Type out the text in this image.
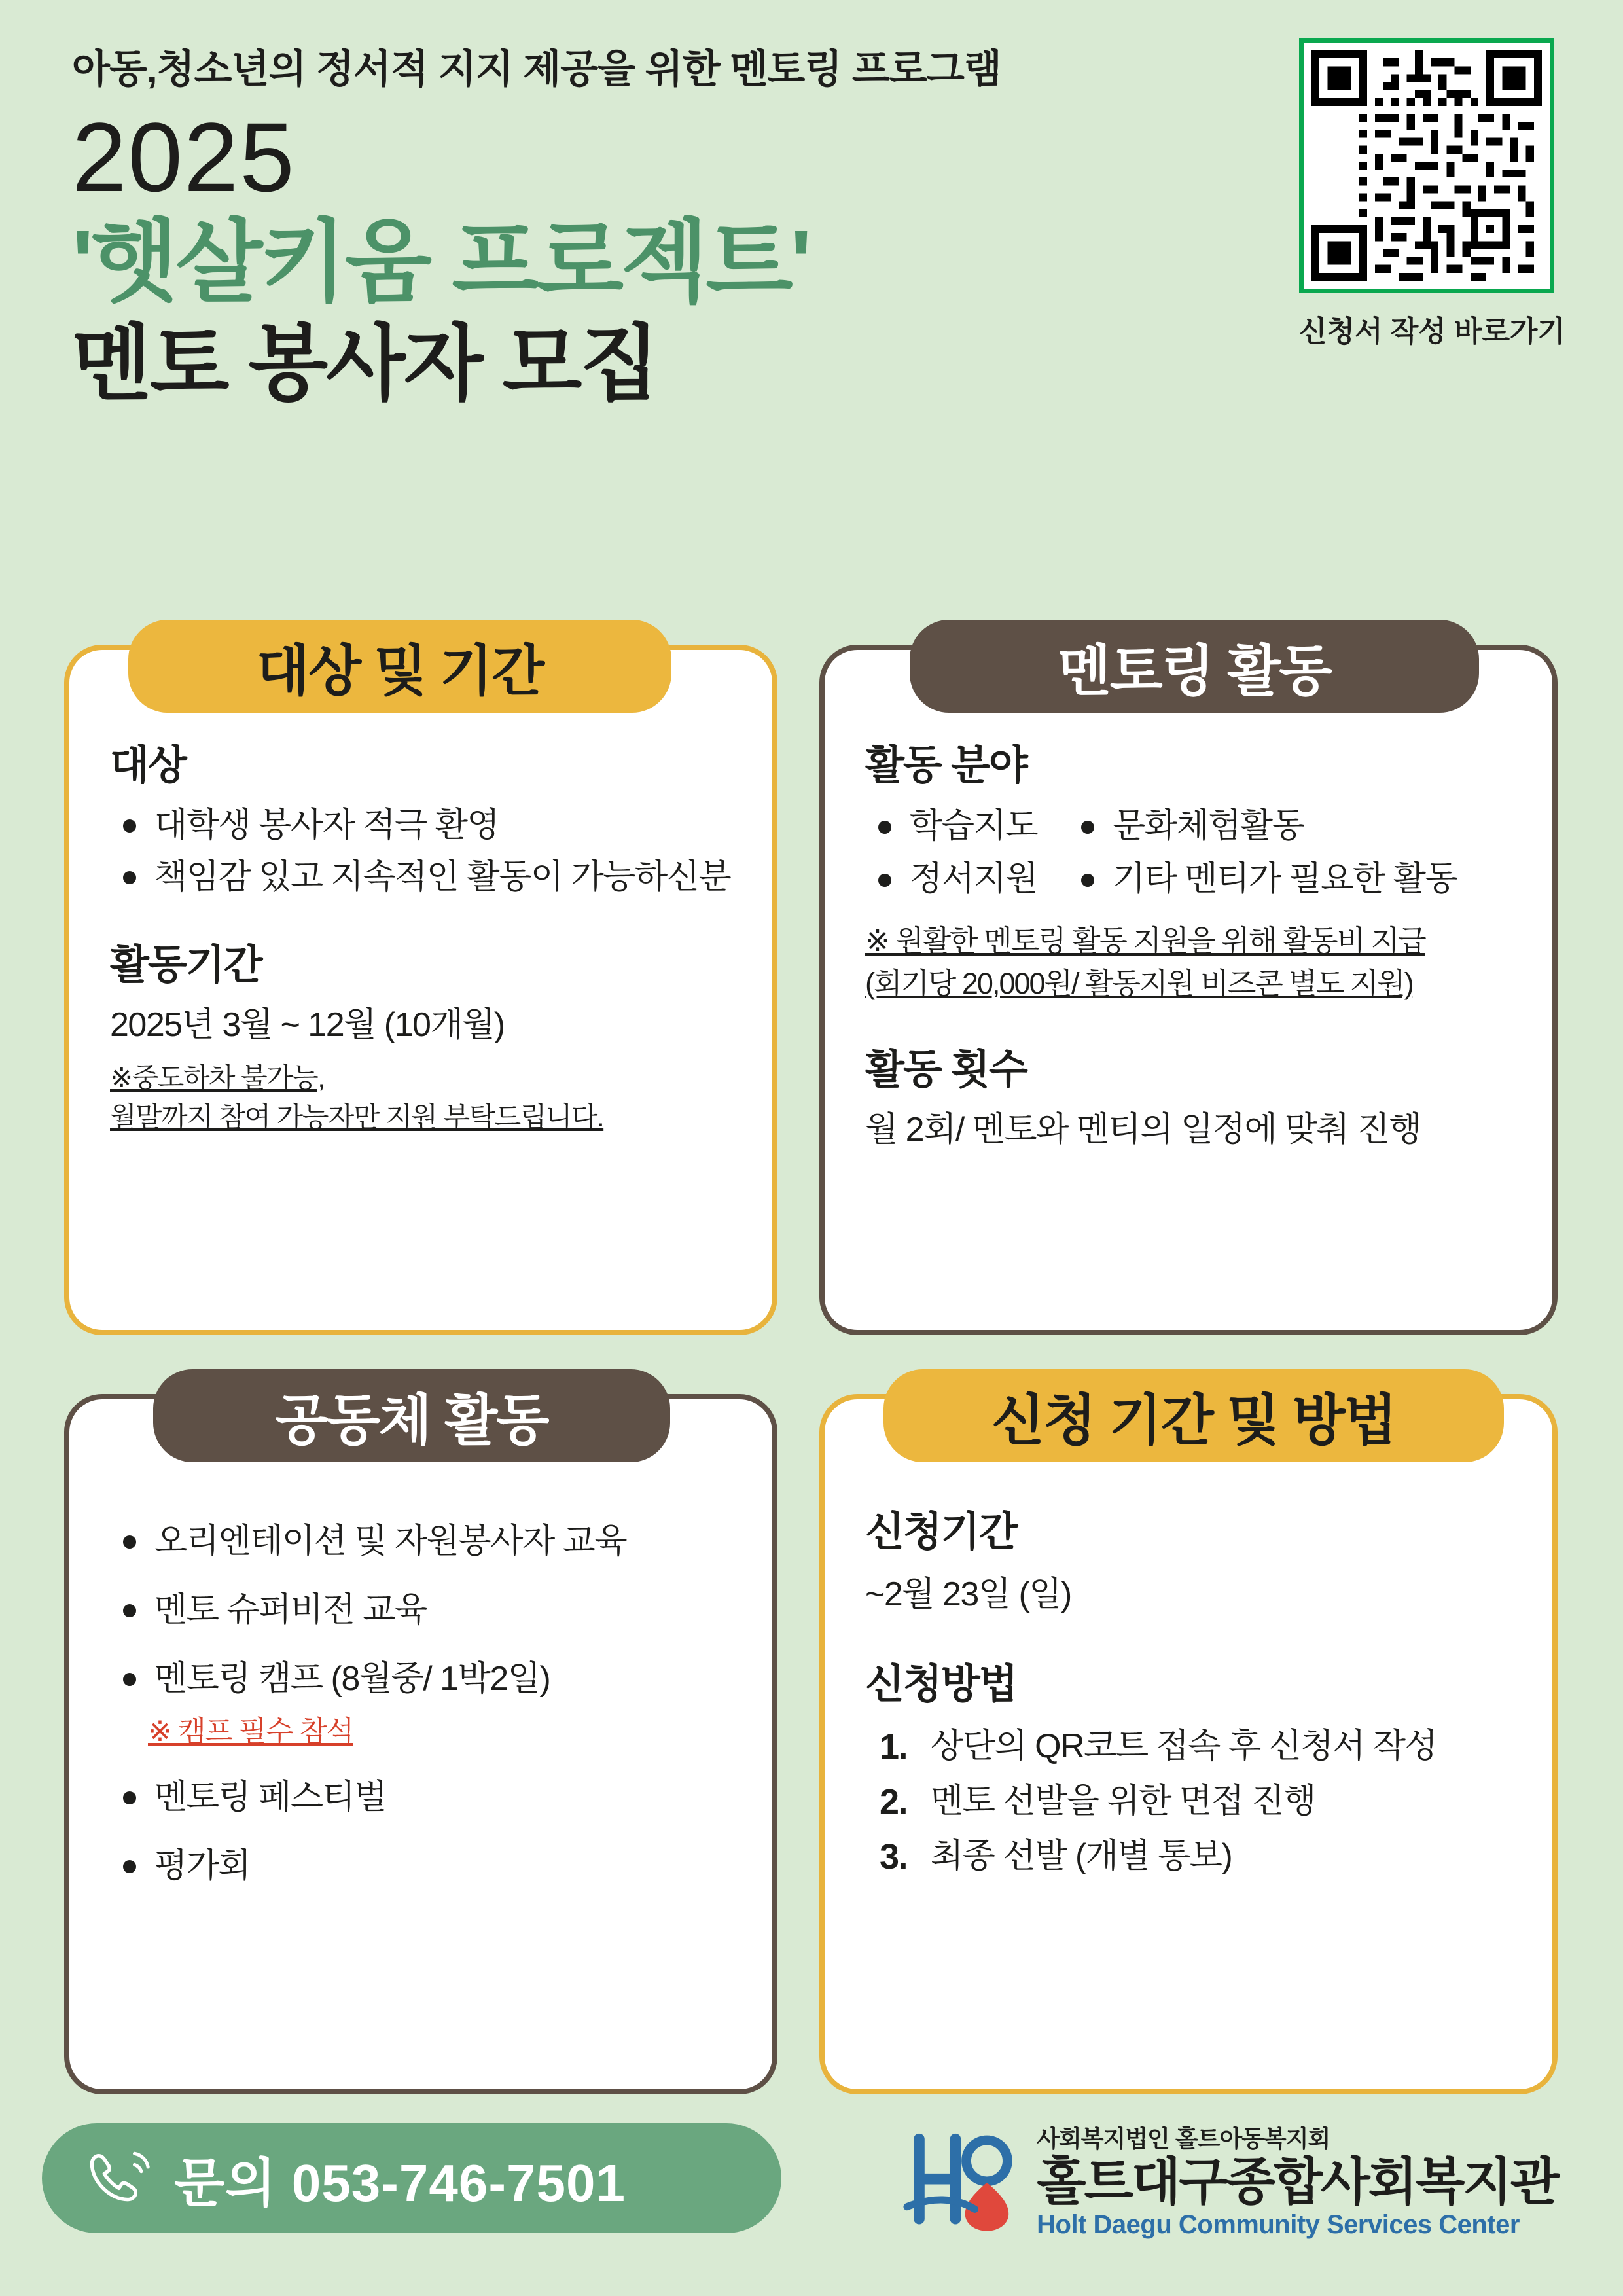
아동,청소년의 정서적 지지 제공을 위한 멘토링 프로그램
2025
'햇살키움 프로젝트'
멘토 봉사자 모집	신청서 작성 바로가기
대상 및 기간

대상

대학생 봉사자 적극 환영
책임감 있고 지속적인 활동이 가능하신분

활동기간

2025년 3월 ~ 12월 (10개월)

※중도하차 불가능,

월말까지 참여 가능자만 지원 부탁드립니다.

멘토링 활동

활동 분야

학습지도	문화체험활동
정서지원	기타 멘티가 필요한 활동

※ 원활한 멘토링 활동 지원을 위해 활동비 지급

(회기당 20,000원/ 활동지원 비즈콘 별도 지원)

활동 횟수

월 2회/ 멘토와 멘티의 일정에 맞춰 진행

공동체 활동
오리엔테이션 및 자원봉사자 교육
멘토 슈퍼비전 교육
멘토링 캠프 (8월중/ 1박2일)

※ 캠프 필수 참석

멘토링 페스티벌
평가회
신청 기간 및 방법

신청기간

~2월 23일 (일)

신청방법

상단의 QR코트 접속 후 신청서 작성
멘토 선발을 위한 면접 진행
최종 선발 (개별 통보)
문의 053-746-7501
사회복지법인 홀트아동복지회
홀트대구종합사회복지관
Holt Daegu Community Services Center
